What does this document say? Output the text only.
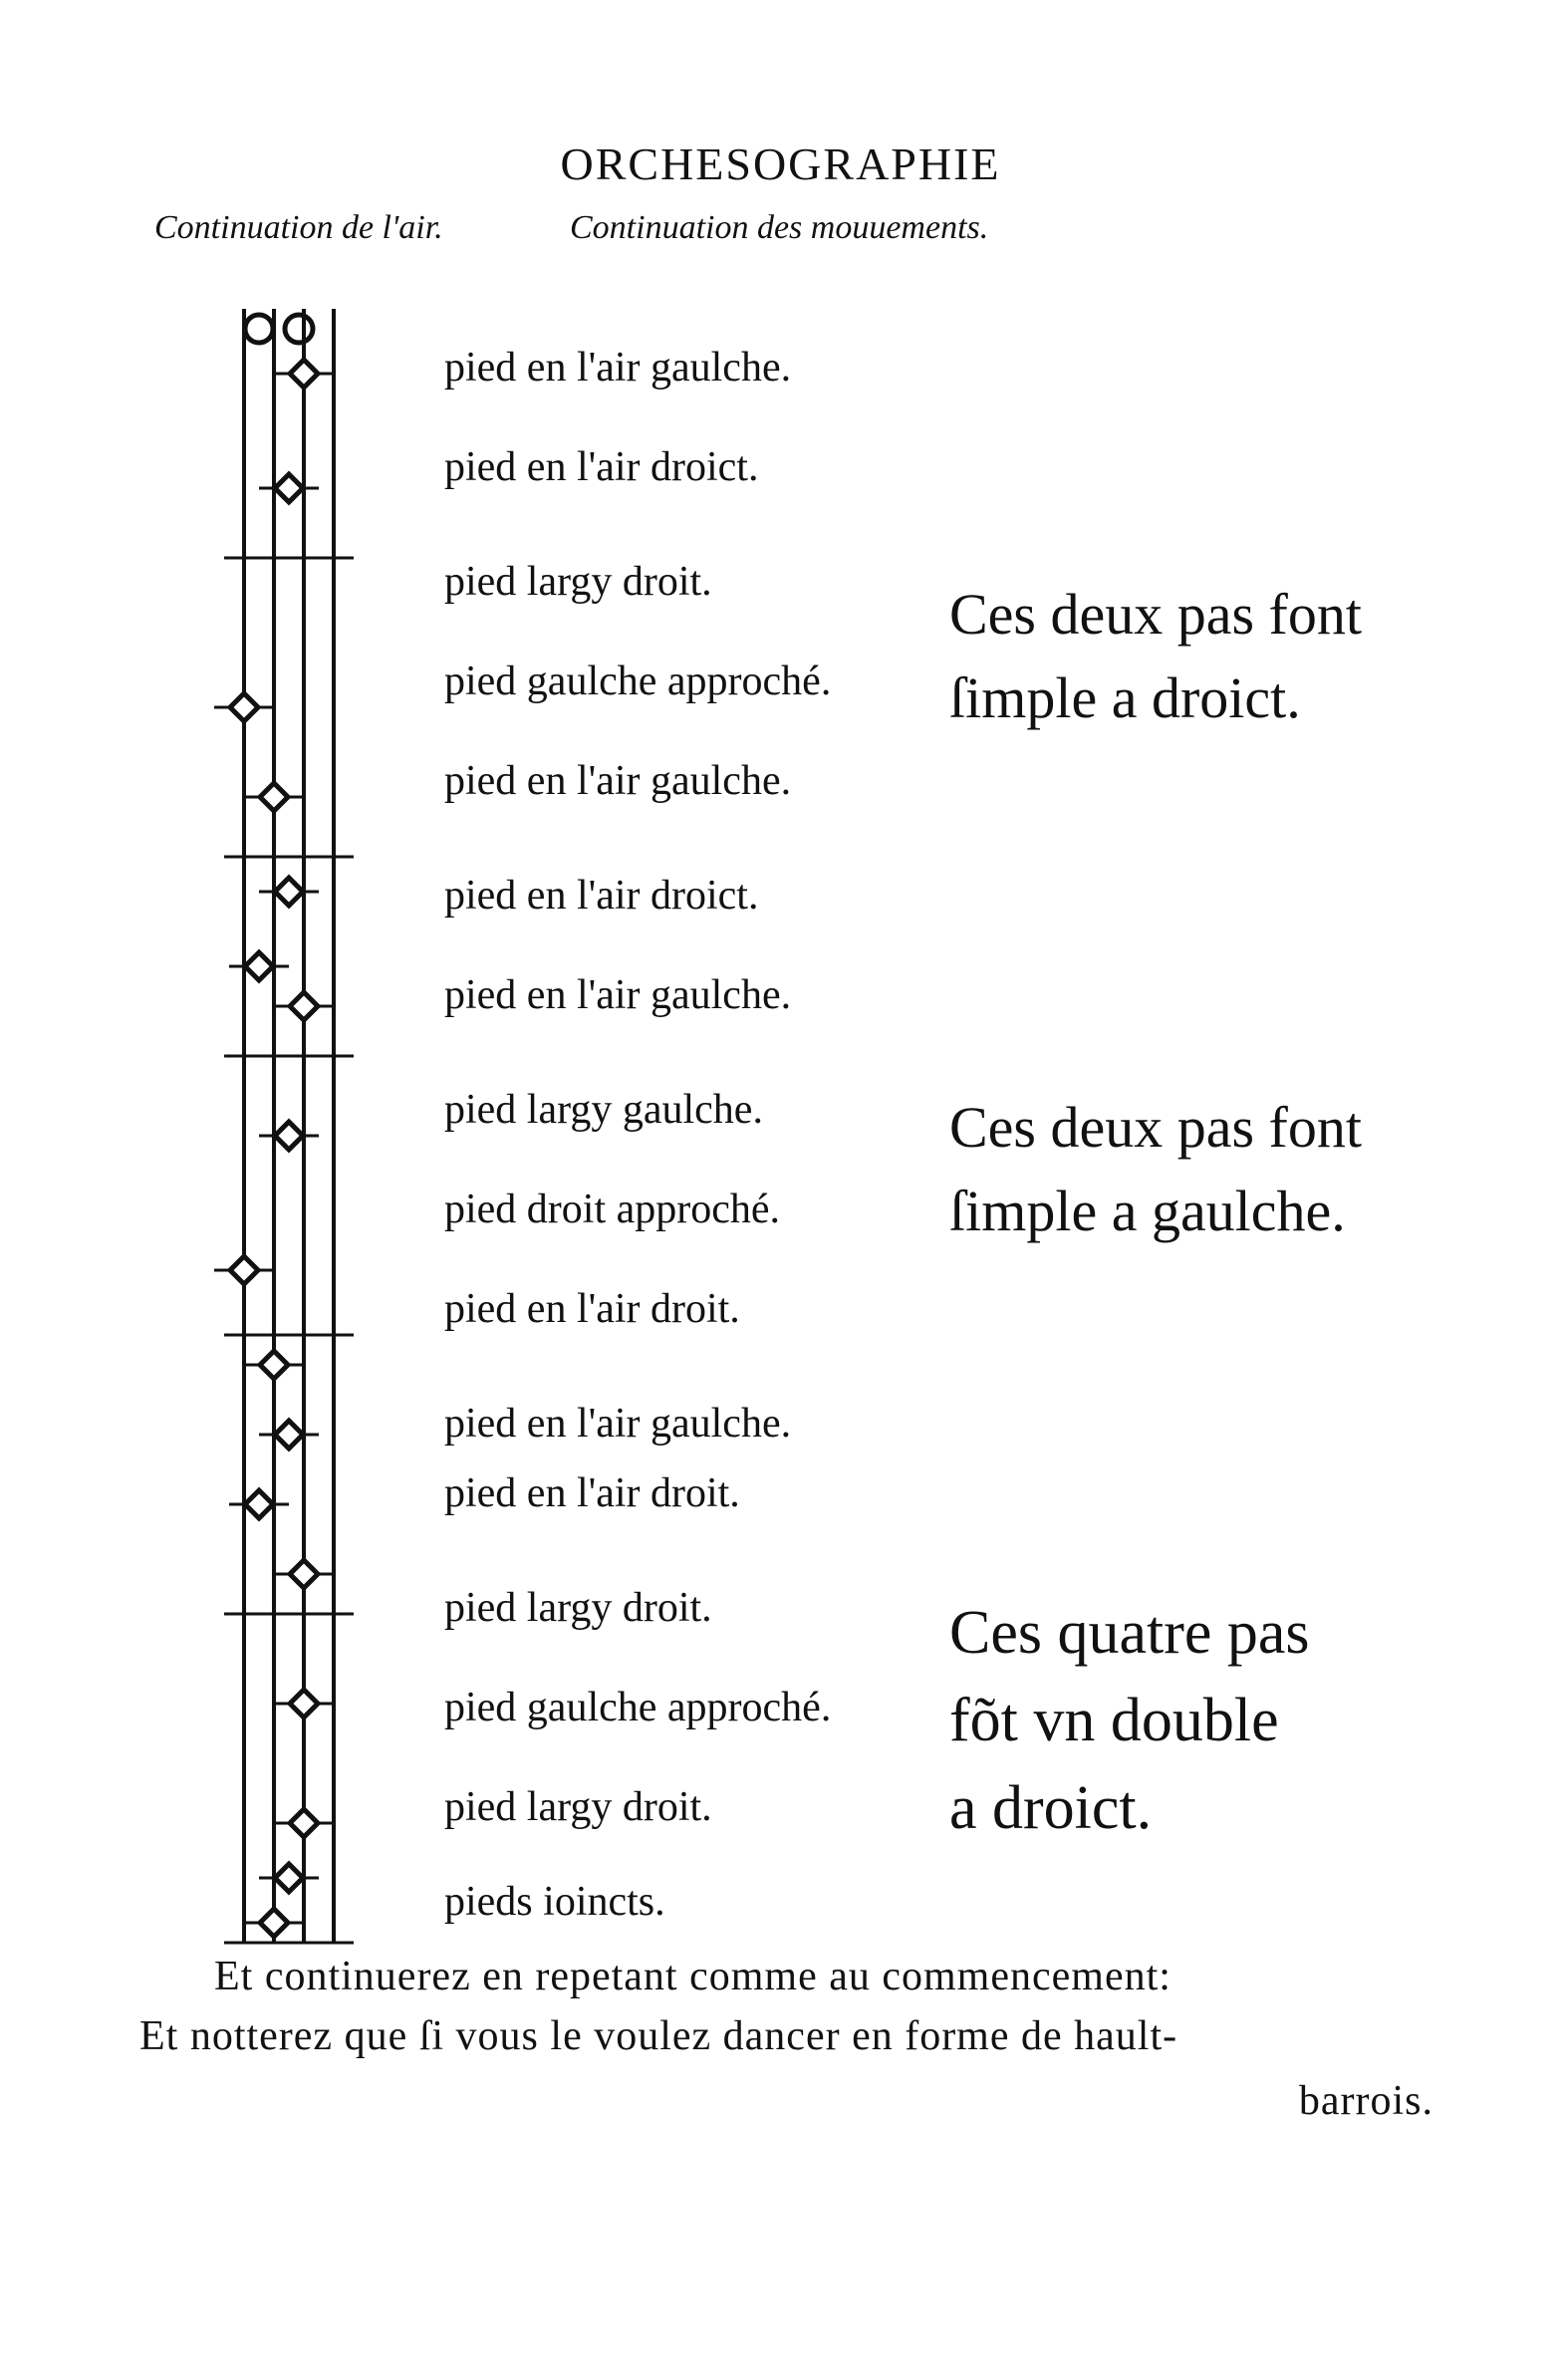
ORCHESOGRAPHIE
Continuation de l'air.	Continuation des mouuements.
pied en l'air gaulche.
pied en l'air droict.
pied largy droit.
pied gaulche approché.
pied en l'air gaulche.
pied en l'air droict.
pied en l'air gaulche.
pied largy gaulche.
pied droit approché.
pied en l'air droit.
pied en l'air gaulche.
pied en l'air droit.
pied largy droit.
pied gaulche approché.
pied largy droit.
pieds ioincts.
Ces deux pas font
ſimple a droict.
Ces deux pas font
ſimple a gaulche.
Ces quatre pas
fõt vn double
a droict.
Et continuerez en repetant comme au commencement:
Et notterez que ſi vous le voulez dancer en forme de hault-
barrois.
